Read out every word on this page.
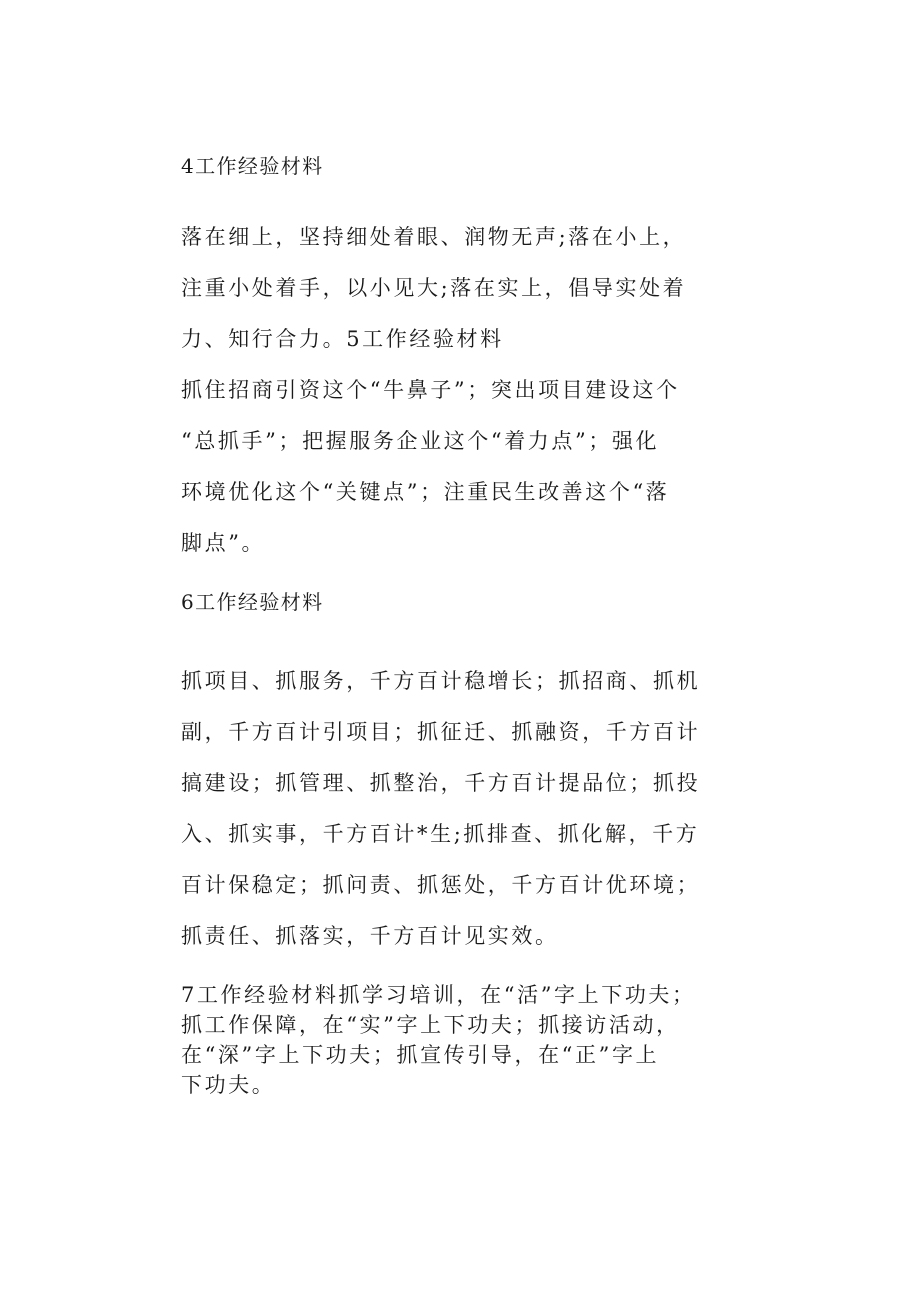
4工作经验材料
落在细上，坚持细处着眼、润物无声;落在小上，
注重小处着手，以小见大;落在实上，倡导实处着
力、知行合力。5工作经验材料
抓住招商引资这个“牛鼻子”；突出项目建设这个
“总抓手”；把握服务企业这个“着力点”；强化
环境优化这个“关键点”；注重民生改善这个“落
脚点”。
6工作经验材料
抓项目、抓服务，千方百计稳增长；抓招商、抓机
副，千方百计引项目；抓征迁、抓融资，千方百计
搞建设；抓管理、抓整治，千方百计提品位；抓投
入、抓实事，千方百计*生;抓排查、抓化解，千方
百计保稳定；抓问责、抓惩处，千方百计优环境；
抓责任、抓落实，千方百计见实效。
7工作经验材料抓学习培训，在“活”字上下功夫；
抓工作保障，在“实”字上下功夫；抓接访活动，
在“深”字上下功夫；抓宣传引导，在“正”字上
下功夫。
